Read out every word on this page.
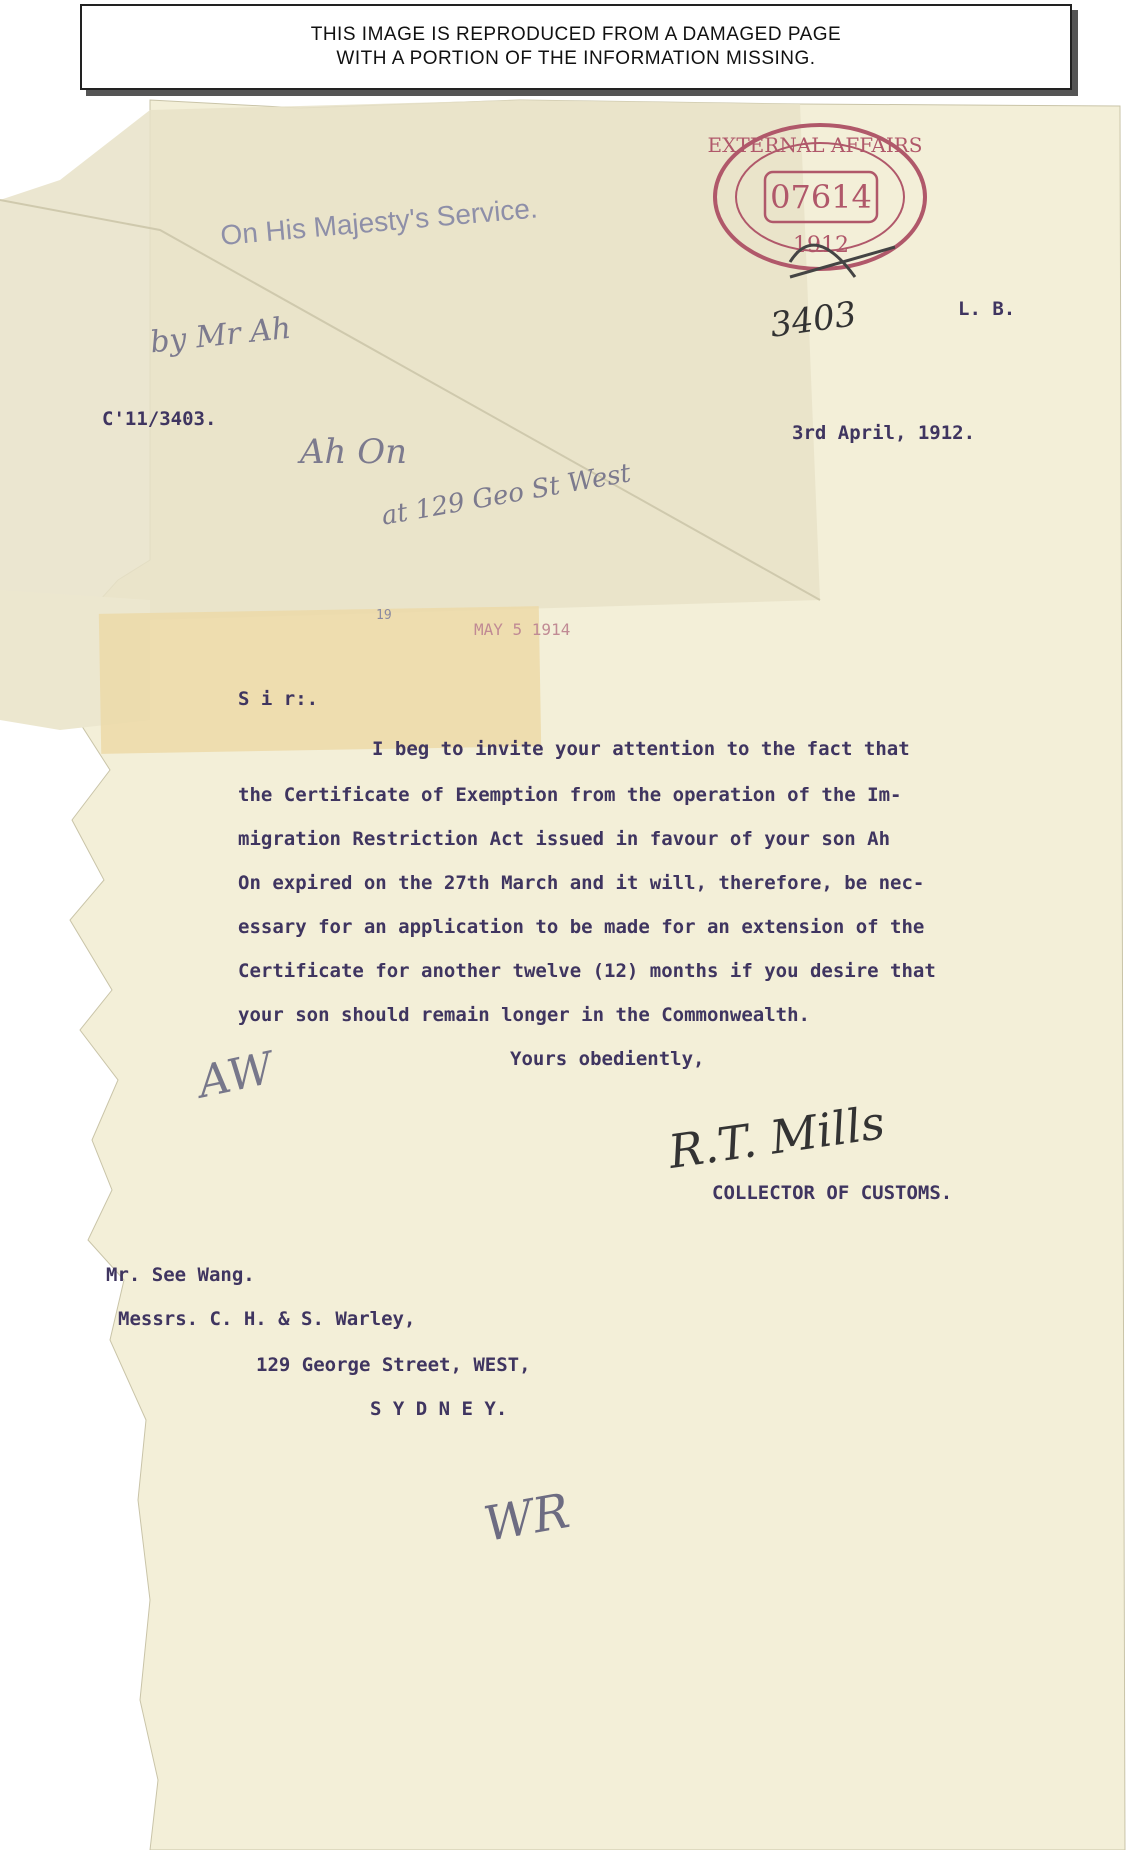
07614
EXTERNAL AFFAIRS
1912
THIS IMAGE IS REPRODUCED FROM A DAMAGED PAGE
WITH A PORTION OF THE INFORMATION MISSING.
On His Majesty's Service.
3403
by Mr Ah
Ah On
at 129 Geo St West
L. B.
C'11/3403.
3rd April, 1912.
19
MAY 5 1914
S i r:.
I beg to invite your attention to the fact that
the Certificate of Exemption from the operation of the Im-
migration Restriction Act issued in favour of your son Ah
On expired on the 27th March and it will, therefore, be nec-
essary for an application to be made for an extension of the
Certificate for another twelve (12) months if you desire that
your son should remain longer in the Commonwealth.
Yours obediently,
AW
R.T. Mills
COLLECTOR OF CUSTOMS.
Mr. See Wang.
Messrs. C. H. & S. Warley,
129 George Street, WEST,
S Y D N E Y.
WR
